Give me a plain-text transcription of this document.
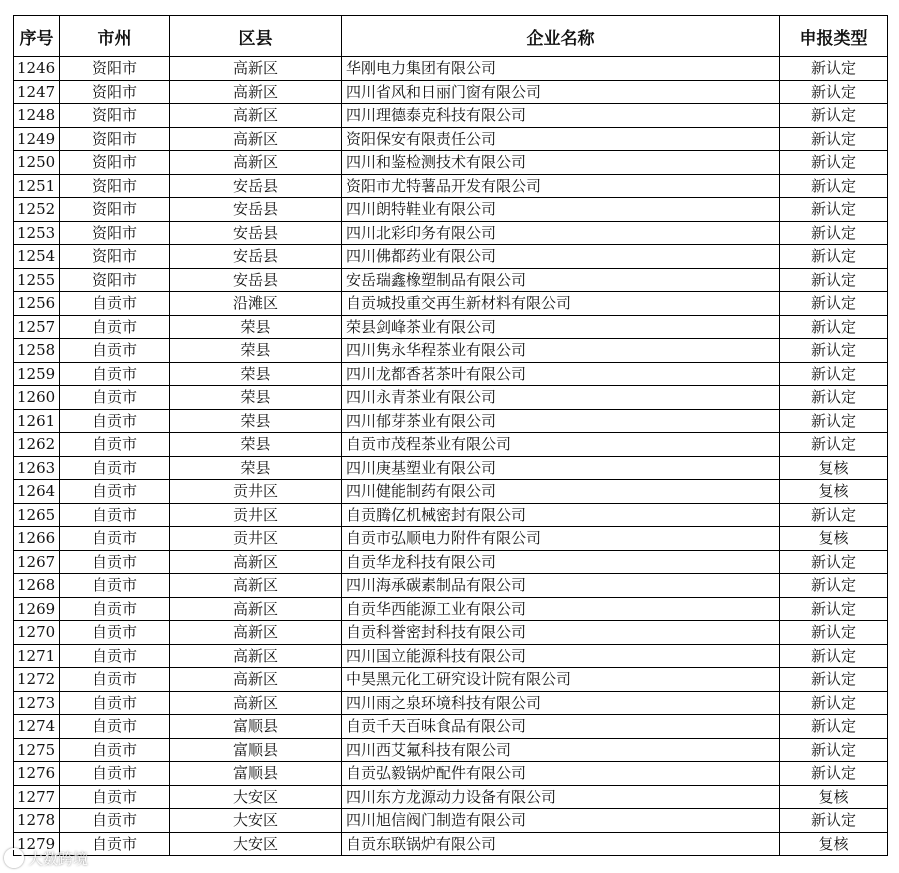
序号	市州	区县	企业名称	申报类型
1246	资阳市	高新区	华刚电力集团有限公司	新认定
1247	资阳市	高新区	四川省风和日丽门窗有限公司	新认定
1248	资阳市	高新区	四川理德泰克科技有限公司	新认定
1249	资阳市	高新区	资阳保安有限责任公司	新认定
1250	资阳市	高新区	四川和鉴检测技术有限公司	新认定
1251	资阳市	安岳县	资阳市尤特薯品开发有限公司	新认定
1252	资阳市	安岳县	四川朗特鞋业有限公司	新认定
1253	资阳市	安岳县	四川北彩印务有限公司	新认定
1254	资阳市	安岳县	四川佛都药业有限公司	新认定
1255	资阳市	安岳县	安岳瑞鑫橡塑制品有限公司	新认定
1256	自贡市	沿滩区	自贡城投重交再生新材料有限公司	新认定
1257	自贡市	荣县	荣县剑峰茶业有限公司	新认定
1258	自贡市	荣县	四川隽永华程茶业有限公司	新认定
1259	自贡市	荣县	四川龙都香茗茶叶有限公司	新认定
1260	自贡市	荣县	四川永青茶业有限公司	新认定
1261	自贡市	荣县	四川郁芽茶业有限公司	新认定
1262	自贡市	荣县	自贡市茂程茶业有限公司	新认定
1263	自贡市	荣县	四川庚基塑业有限公司	复核
1264	自贡市	贡井区	四川健能制药有限公司	复核
1265	自贡市	贡井区	自贡腾亿机械密封有限公司	新认定
1266	自贡市	贡井区	自贡市弘顺电力附件有限公司	复核
1267	自贡市	高新区	自贡华龙科技有限公司	新认定
1268	自贡市	高新区	四川海承碳素制品有限公司	新认定
1269	自贡市	高新区	自贡华西能源工业有限公司	新认定
1270	自贡市	高新区	自贡科誉密封科技有限公司	新认定
1271	自贡市	高新区	四川国立能源科技有限公司	新认定
1272	自贡市	高新区	中昊黑元化工研究设计院有限公司	新认定
1273	自贡市	高新区	四川雨之泉环境科技有限公司	新认定
1274	自贡市	富顺县	自贡千天百味食品有限公司	新认定
1275	自贡市	富顺县	四川西艾氟科技有限公司	新认定
1276	自贡市	富顺县	自贡弘毅锅炉配件有限公司	新认定
1277	自贡市	大安区	四川东方龙源动力设备有限公司	复核
1278	自贡市	大安区	四川旭信阀门制造有限公司	新认定
1279	自贡市	大安区	自贡东联锅炉有限公司	复核
大数跨境
